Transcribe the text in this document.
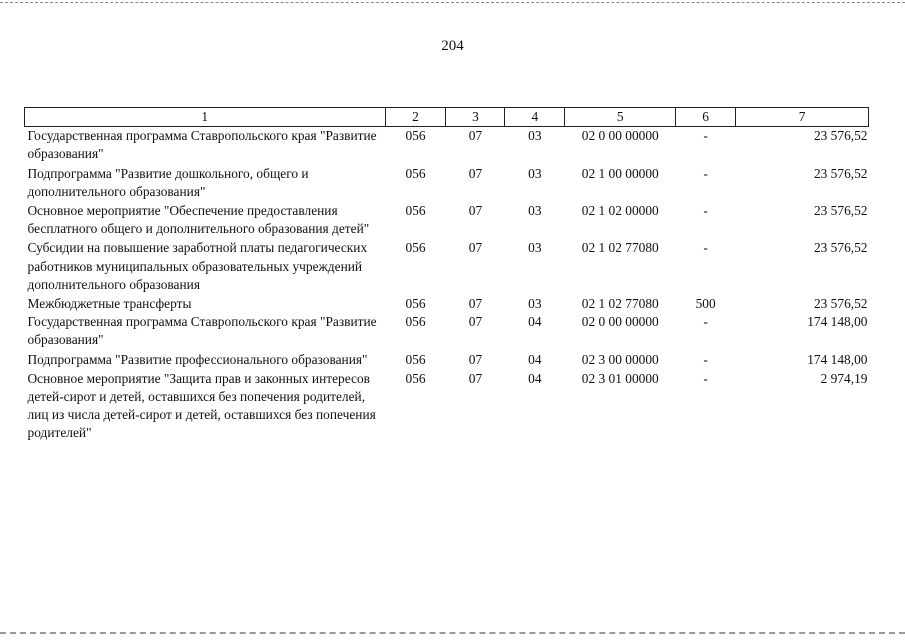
204
1	2	3	4	5	6	7
Государственная программа Ставропольского края "Развитие образования"	056	07	03	02 0 00 00000	-	23 576,52
Подпрограмма "Развитие дошкольного, общего и дополнительного образования"	056	07	03	02 1 00 00000	-	23 576,52
Основное мероприятие "Обеспечение предоставления бесплатного общего и дополнительного образования детей"	056	07	03	02 1 02 00000	-	23 576,52
Субсидии на повышение заработной платы педагогических работников муниципальных образовательных учреждений дополнительного образования	056	07	03	02 1 02 77080	-	23 576,52
Межбюджетные трансферты	056	07	03	02 1 02 77080	500	23 576,52
Государственная программа Ставропольского края "Развитие образования"	056	07	04	02 0 00 00000	-	174 148,00
Подпрограмма "Развитие профессионального образования"	056	07	04	02 3 00 00000	-	174 148,00
Основное мероприятие "Защита прав и законных интересов детей-сирот и детей, оставшихся без попечения родителей, лиц из числа детей-сирот и детей, оставшихся без попечения родителей"	056	07	04	02 3 01 00000	-	2 974,19
